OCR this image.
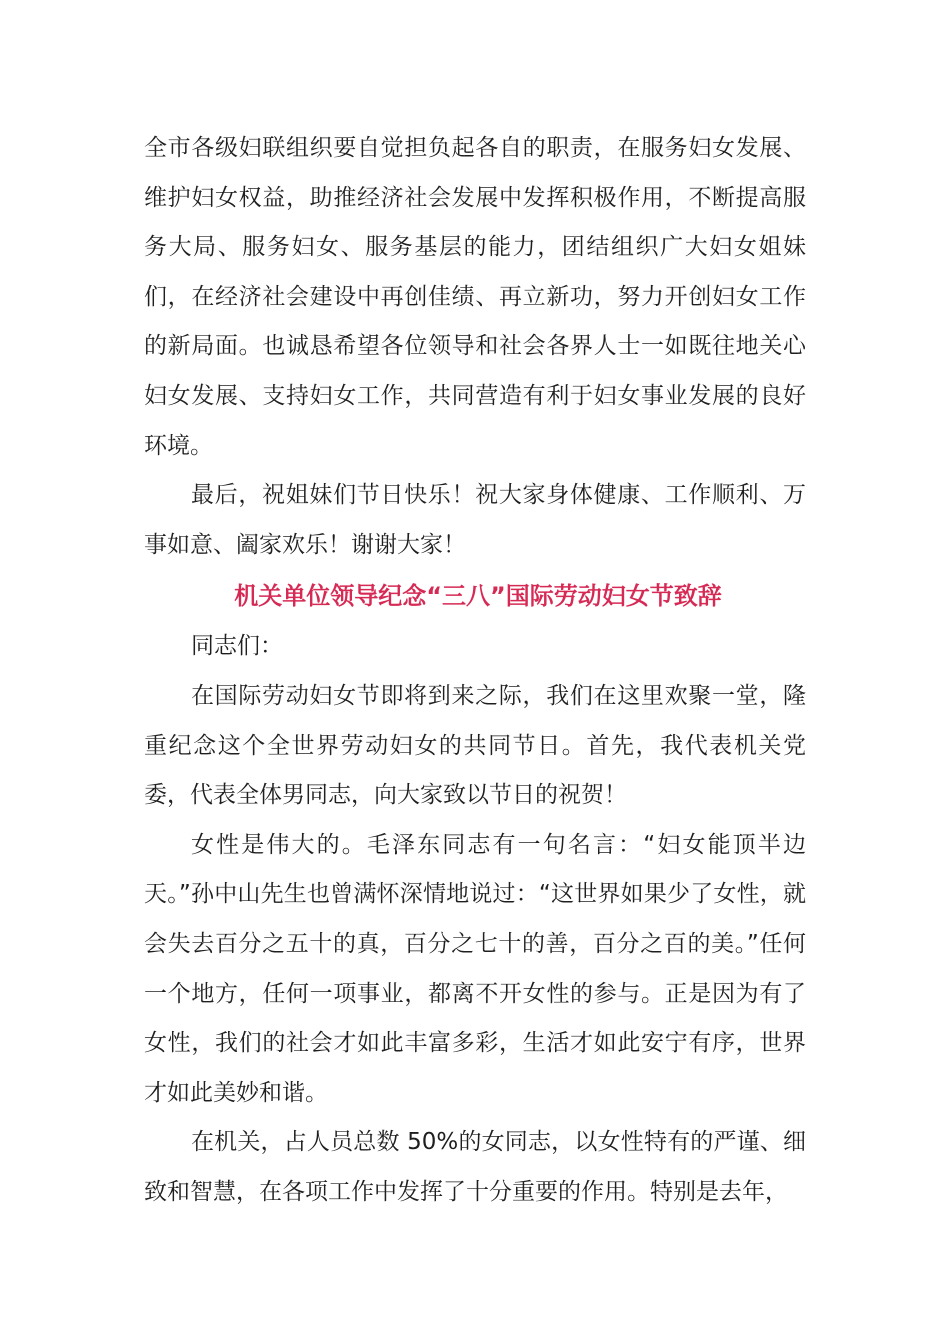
全市各级妇联组织要自觉担负起各自的职责，在服务妇女发展、维护妇女权益，助推经济社会发展中发挥积极作用，不断提高服务大局、服务妇女、服务基层的能力，团结组织广大妇女姐妹们，在经济社会建设中再创佳绩、再立新功，努力开创妇女工作的新局面。也诚恳希望各位领导和社会各界人士一如既往地关心妇女发展、支持妇女工作，共同营造有利于妇女事业发展的良好环境。

最后，祝姐妹们节日快乐！祝大家身体健康、工作顺利、万事如意、阖家欢乐！谢谢大家！

机关单位领导纪念“三八”国际劳动妇女节致辞

同志们：

在国际劳动妇女节即将到来之际，我们在这里欢聚一堂，隆重纪念这个全世界劳动妇女的共同节日。首先，我代表机关党委，代表全体男同志，向大家致以节日的祝贺！

女性是伟大的。毛泽东同志有一句名言：“妇女能顶半边天。”孙中山先生也曾满怀深情地说过：“这世界如果少了女性，就会失去百分之五十的真，百分之七十的善，百分之百的美。”任何一个地方，任何一项事业，都离不开女性的参与。正是因为有了女性，我们的社会才如此丰富多彩，生活才如此安宁有序，世界才如此美妙和谐。

在机关，占人员总数 50%的女同志，以女性特有的严谨、细致和智慧，在各项工作中发挥了十分重要的作用。特别是去年，
